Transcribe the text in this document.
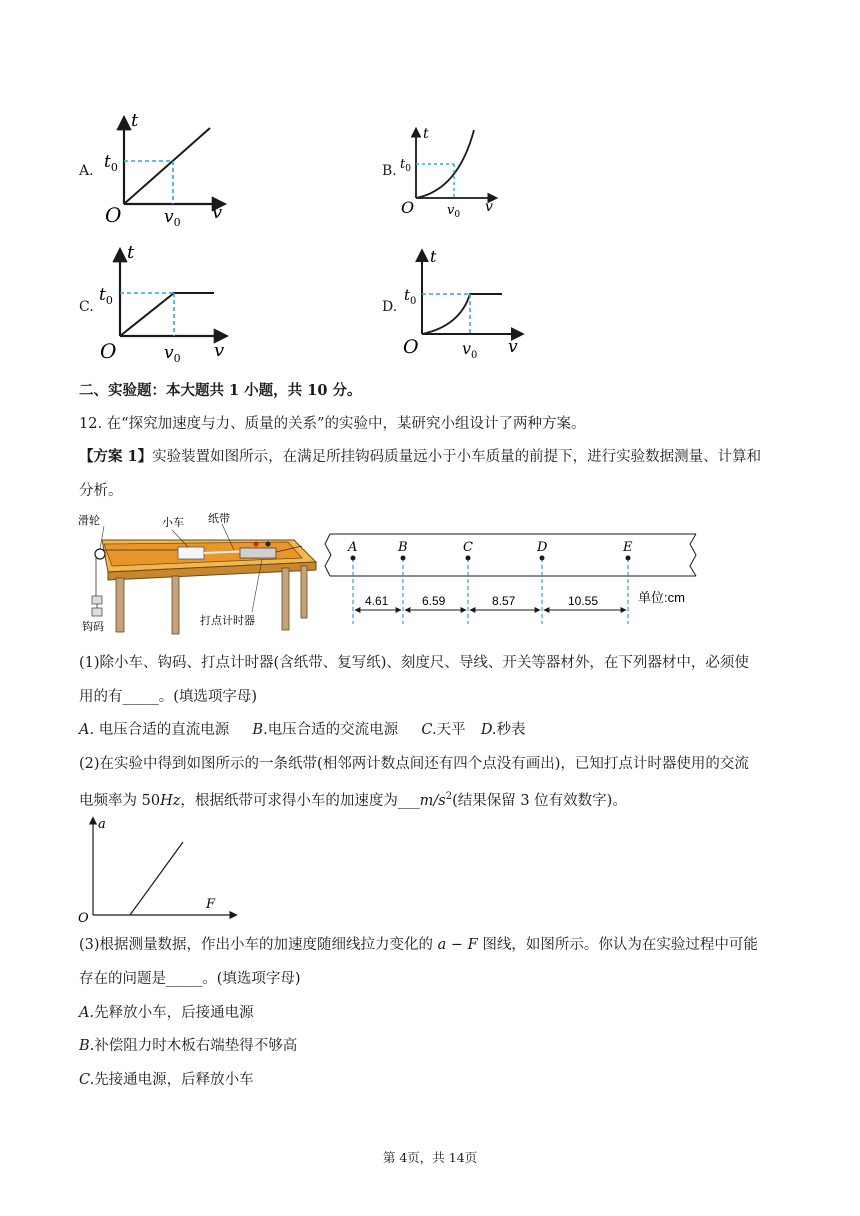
A.
t
v
O
$t_0$
$v_0$
B.
t
v
O
$t_0$
$v_0$
C.
t
v
O
$t_0$
$v_0$
D.
t
v
O
$t_0$
$v_0$
二、实验题：本大题共 1 小题，共 10 分。
12. 在“探究加速度与力、质量的关系”的实验中，某研究小组设计了两种方案。
【方案 1】实验装置如图所示，在满足所挂钩码质量远小于小车质量的前提下，进行实验数据测量、计算和
分析。
滑轮	小车 纸带
钩码	打点计时器
A	B	C	D	E
4.61	6.59	8.57	10.55	单位:cm
(1)除小车、钩码、打点计时器(含纸带、复写纸)、刻度尺、导线、开关等器材外，在下列器材中，必须使
用的有_____。(填选项字母)
A. 电压合适的直流电源 B.电压合适的交流电源 C.天平 D.秒表
(2)在实验中得到如图所示的一条纸带(相邻两计数点间还有四个点没有画出)，已知打点计时器使用的交流
电频率为 50Hz，根据纸带可求得小车的加速度为$\_\_\_m/s^2$(结果保留 3 位有效数字)。
a
F
O
(3)根据测量数据，作出小车的加速度随细线拉力变化的 a − F 图线，如图所示。你认为在实验过程中可能
存在的问题是_____。(填选项字母)
A.先释放小车，后接通电源
B.补偿阻力时木板右端垫得不够高
C.先接通电源，后释放小车
第 4页，共 14页
